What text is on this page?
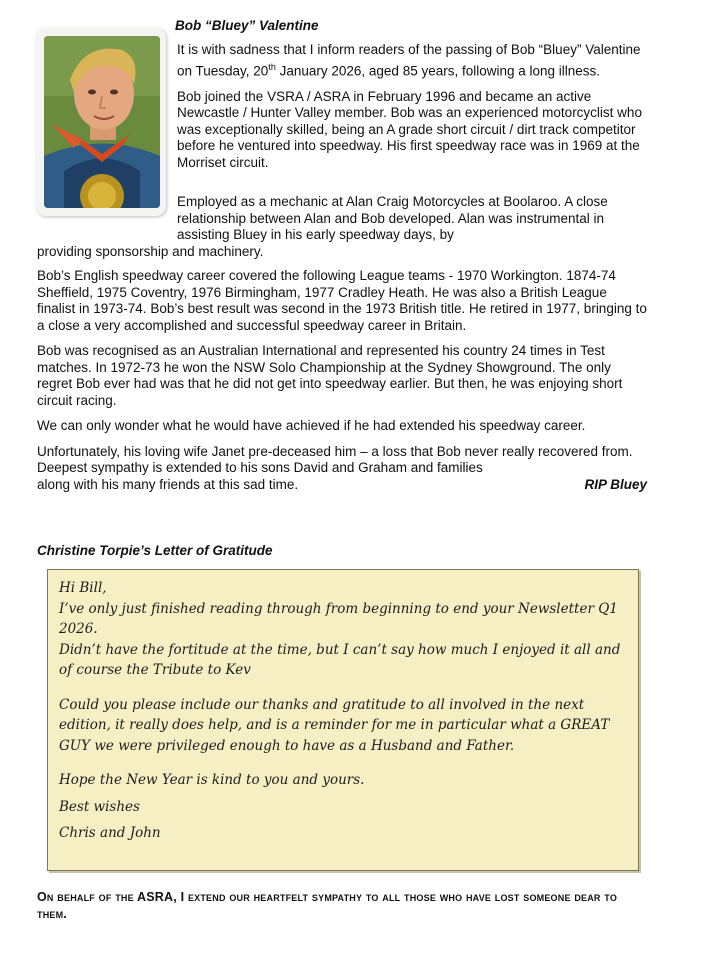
Bob “Bluey” Valentine

It is with sadness that I inform readers of the passing of Bob “Bluey” Valentine on Tuesday, 20th January 2026, aged 85 years, following a long illness.

Bob joined the VSRA / ASRA in February 1996 and became an active Newcastle / Hunter Valley member. Bob was an experienced motorcyclist who was exceptionally skilled, being an A grade short circuit / dirt track competitor before he ventured into speedway. His first speedway race was in 1969 at the Morriset circuit.

Employed as a mechanic at Alan Craig Motorcycles at Boolaroo. A close relationship between Alan and Bob developed. Alan was instrumental in assisting Bluey in his early speedway days, by
providing sponsorship and machinery.

Bob’s English speedway career covered the following League teams - 1970 Workington. 1874-74 Sheffield, 1975 Coventry, 1976 Birmingham, 1977 Cradley Heath. He was also a British League finalist in 1973-74. Bob’s best result was second in the 1973 British title. He retired in 1977, bringing to a close a very accomplished and successful speedway career in Britain.

Bob was recognised as an Australian International and represented his country 24 times in Test matches. In 1972-73 he won the NSW Solo Championship at the Sydney Showground. The only regret Bob ever had was that he did not get into speedway earlier. But then, he was enjoying short circuit racing.

We can only wonder what he would have achieved if he had extended his speedway career.

Unfortunately, his loving wife Janet pre-deceased him – a loss that Bob never really recovered from. Deepest sympathy is extended to his sons David and Graham and families

along with his many friends at this sad time.	RIP Bluey
Christine Torpie’s Letter of Gratitude

Hi Bill,

I’ve only just finished reading through from beginning to end your Newsletter Q1 2026.

Didn’t have the fortitude at the time, but I can’t say how much I enjoyed it all and of course the Tribute to Kev

Could you please include our thanks and gratitude to all involved in the next edition, it really does help, and is a reminder for me in particular what a GREAT GUY we were privileged enough to have as a Husband and Father.

Hope the New Year is kind to you and yours.

Best wishes

Chris and John

On behalf of the ASRA, I extend our heartfelt sympathy to all those who have lost someone dear to them.
